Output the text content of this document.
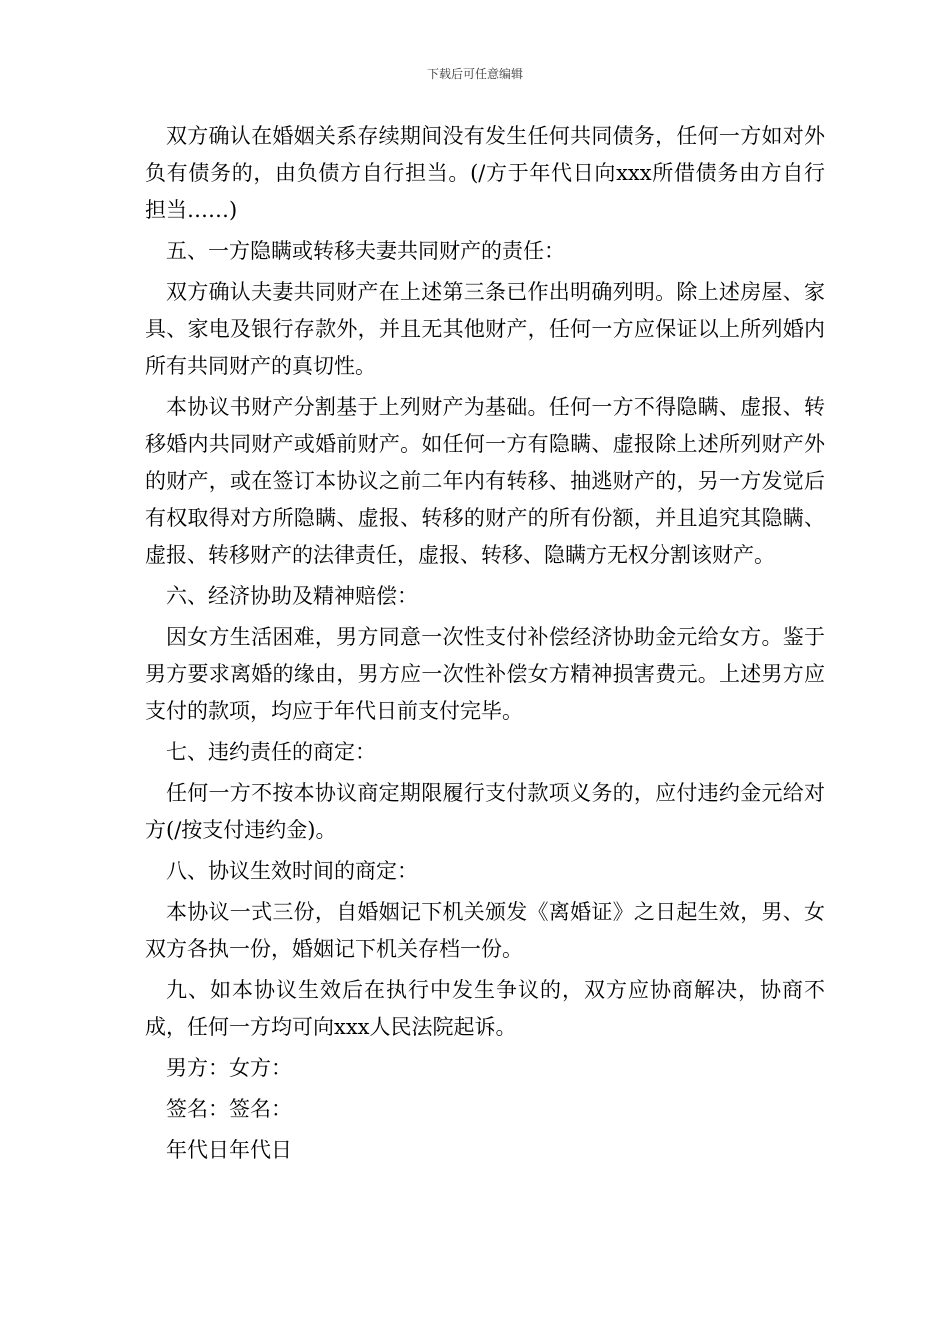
下载后可任意编辑

双方确认在婚姻关系存续期间没有发生任何共同债务，任何一方如对外负有债务的，由负债方自行担当。(/方于年代日向xxx所借债务由方自行担当……)

五、一方隐瞒或转移夫妻共同财产的责任：

双方确认夫妻共同财产在上述第三条已作出明确列明。除上述房屋、家具、家电及银行存款外，并且无其他财产，任何一方应保证以上所列婚内所有共同财产的真切性。

本协议书财产分割基于上列财产为基础。任何一方不得隐瞒、虚报、转移婚内共同财产或婚前财产。如任何一方有隐瞒、虚报除上述所列财产外的财产，或在签订本协议之前二年内有转移、抽逃财产的，另一方发觉后有权取得对方所隐瞒、虚报、转移的财产的所有份额，并且追究其隐瞒、虚报、转移财产的法律责任，虚报、转移、隐瞒方无权分割该财产。

六、经济协助及精神赔偿：

因女方生活困难，男方同意一次性支付补偿经济协助金元给女方。鉴于男方要求离婚的缘由，男方应一次性补偿女方精神损害费元。上述男方应支付的款项，均应于年代日前支付完毕。

七、违约责任的商定：

任何一方不按本协议商定期限履行支付款项义务的，应付违约金元给对方(/按支付违约金)。

八、协议生效时间的商定：

本协议一式三份，自婚姻记下机关颁发《离婚证》之日起生效，男、女双方各执一份，婚姻记下机关存档一份。

九、如本协议生效后在执行中发生争议的，双方应协商解决，协商不成，任何一方均可向xxx人民法院起诉。

男方：女方：

签名：签名：

年代日年代日
